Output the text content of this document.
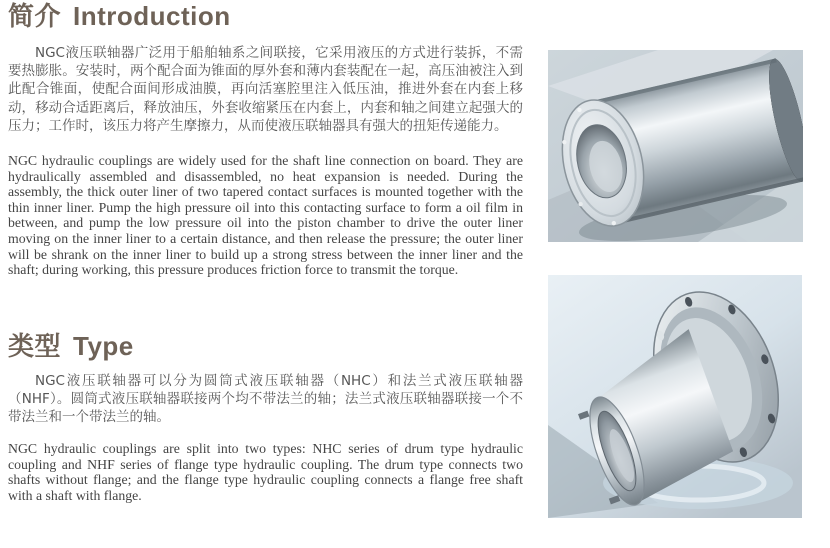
简介 Introduction

NGC液压联轴器广泛用于船舶轴系之间联接，它采用液压的方式进行装拆，不需要热膨胀。安装时，两个配合面为锥面的厚外套和薄内套装配在一起，高压油被注入到此配合锥面，使配合面间形成油膜，再向活塞腔里注入低压油，推进外套在内套上移动，移动合适距离后，释放油压，外套收缩紧压在内套上，内套和轴之间建立起强大的压力；工作时，该压力将产生摩擦力，从而使液压联轴器具有强大的扭矩传递能力。

NGC hydraulic couplings are widely used for the shaft line connection on board. They are hydraulically assembled and disassembled, no heat expansion is needed. During the assembly, the thick outer liner of two tapered contact surfaces is mounted together with the thin inner liner. Pump the high pressure oil into this contacting surface to form a oil film in between, and pump the low pressure oil into the piston chamber to drive the outer liner moving on the inner liner to a certain distance, and then release the pressure; the outer liner will be shrank on the inner liner to build up a strong stress between the inner liner and the shaft; during working, this pressure produces friction force to transmit the torque.

类型 Type

NGC液压联轴器可以分为圆筒式液压联轴器（NHC）和法兰式液压联轴器（NHF）。圆筒式液压联轴器联接两个均不带法兰的轴；法兰式液压联轴器联接一个不带法兰和一个带法兰的轴。

NGC hydraulic couplings are split into two types: NHC series of drum type hydraulic coupling and NHF series of flange type hydraulic coupling. The drum type connects two shafts without flange; and the flange type hydraulic coupling connects a flange free shaft with a shaft with flange.
